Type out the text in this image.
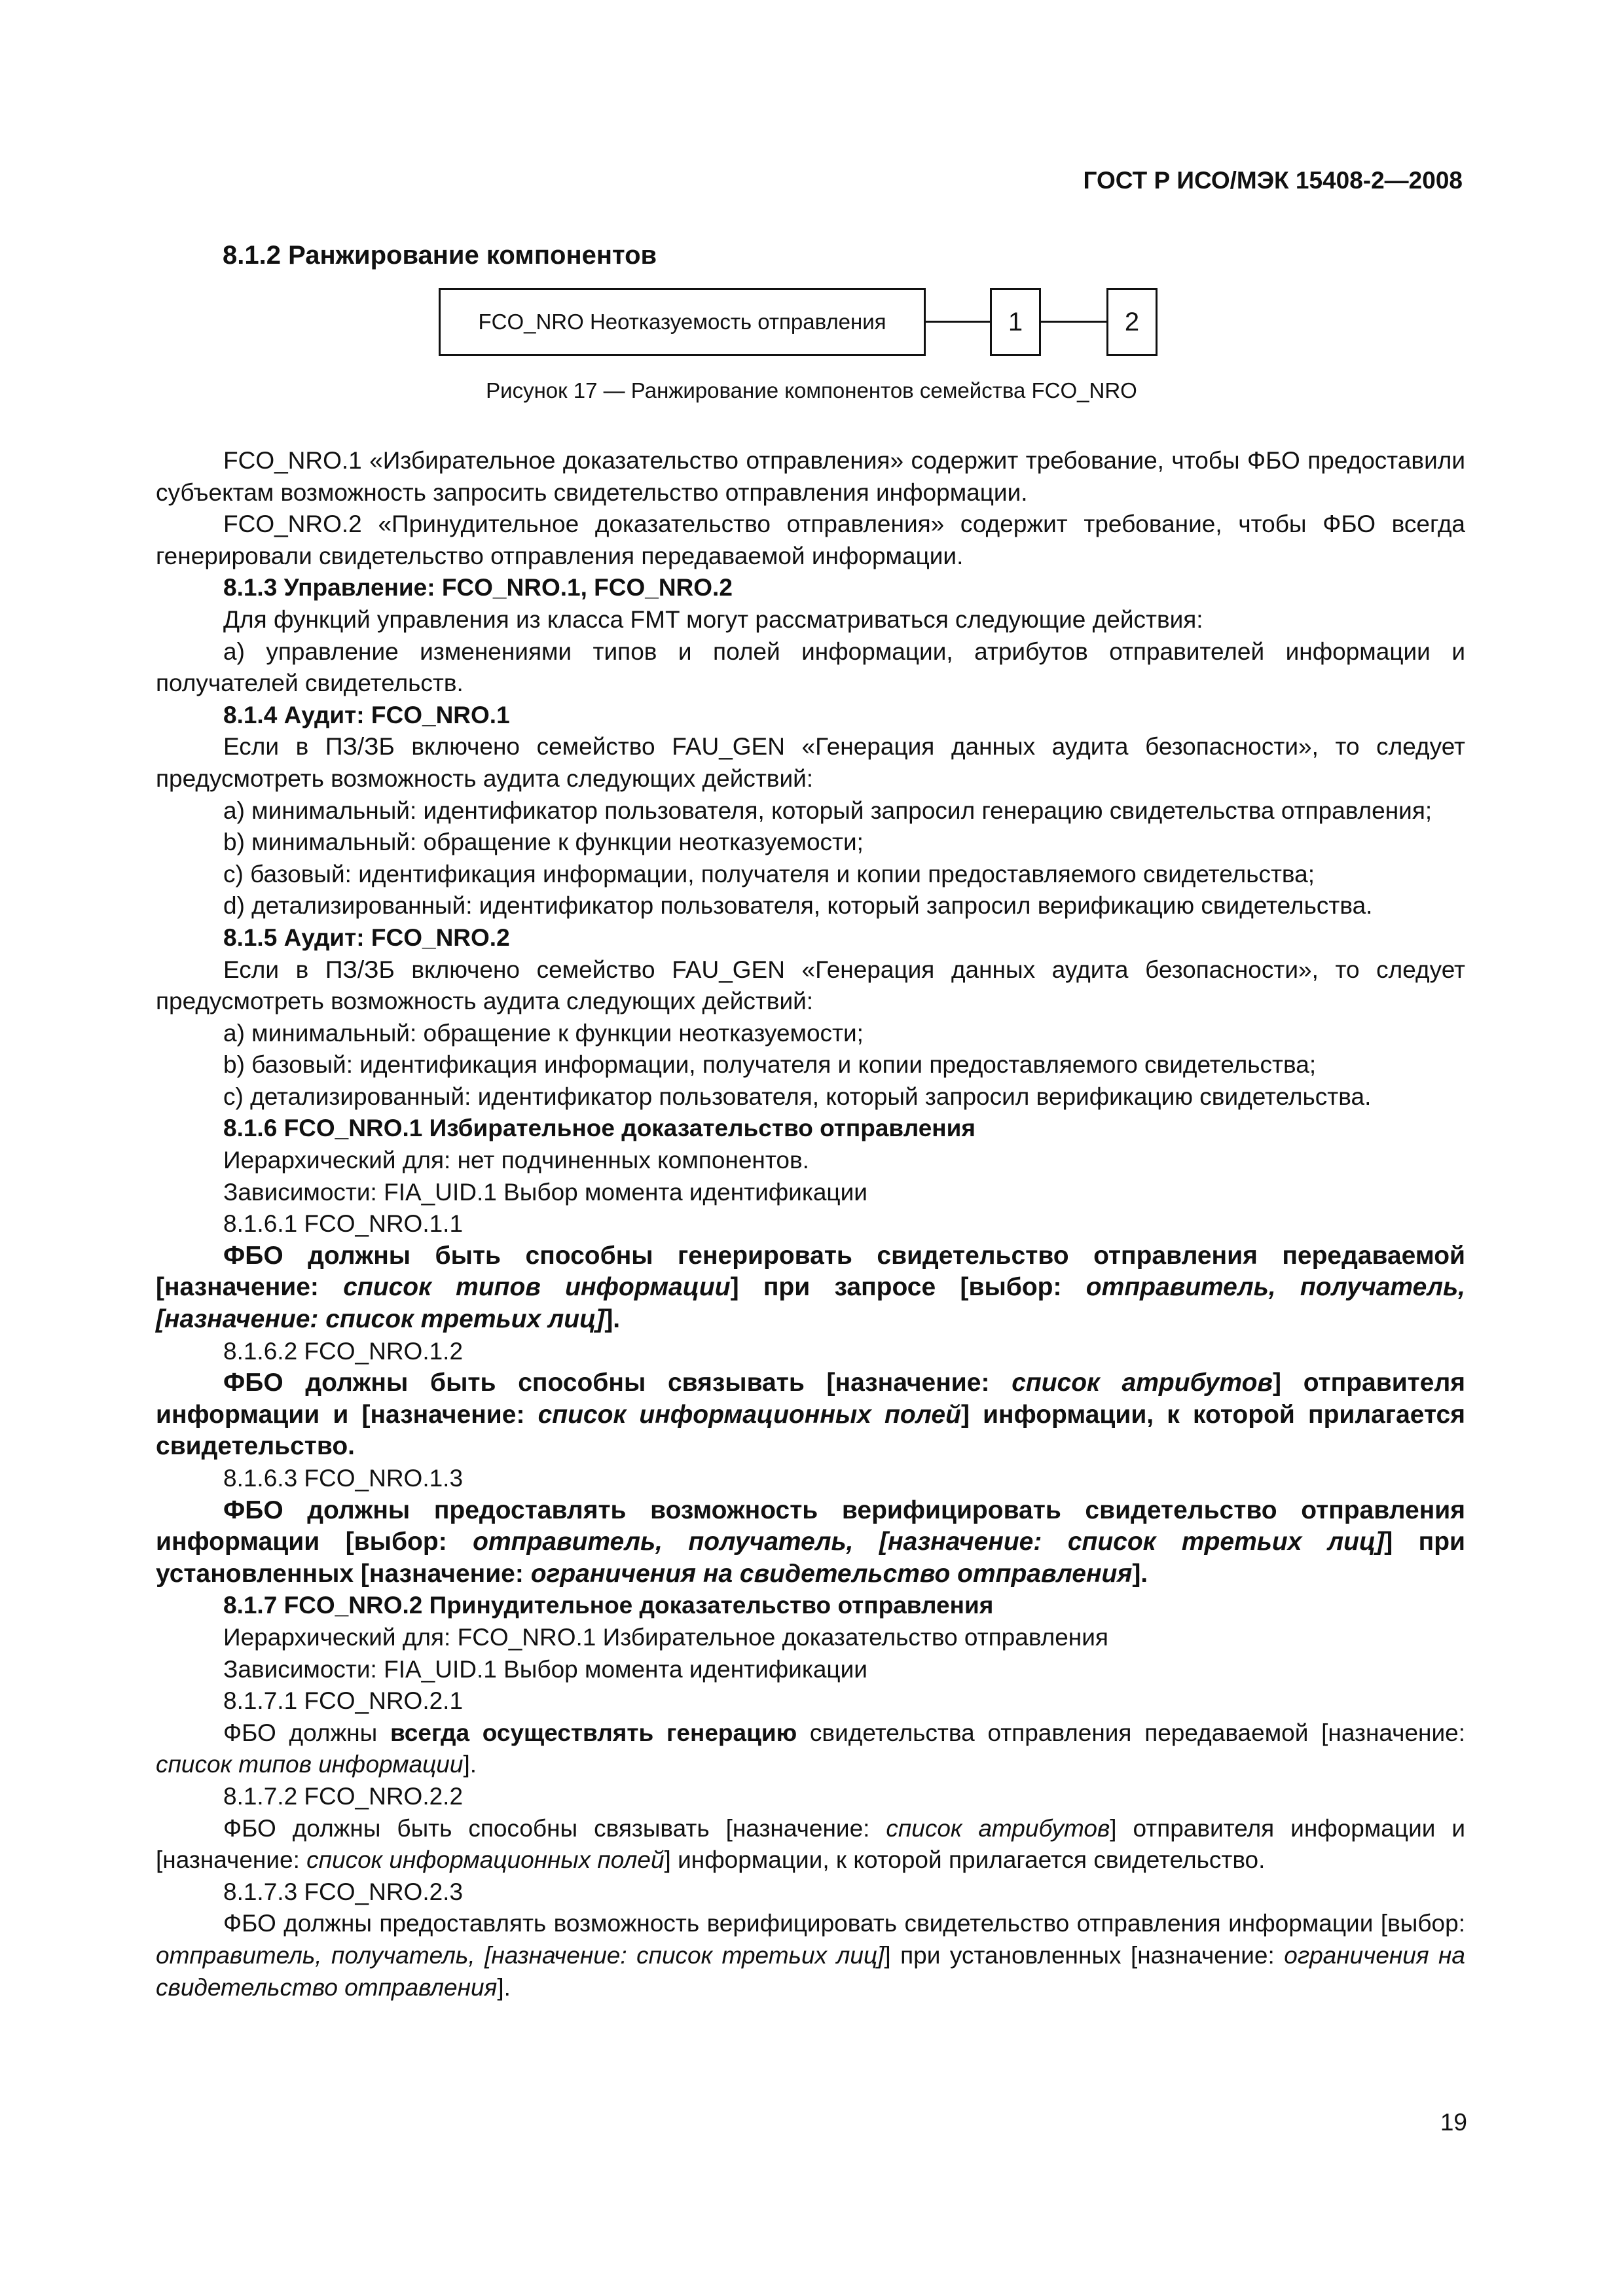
ГОСТ Р ИСО/МЭК 15408-2—2008
8.1.2 Ранжирование компонентов
FCO_NRO Неотказуемость отправления	1	2
Рисунок 17 — Ранжирование компонентов семейства FCO_NRO

FCO_NRO.1 «Избирательное доказательство отправления» содержит требование, чтобы ФБО предоставили субъектам возможность запросить свидетельство отправления информации.

FCO_NRO.2 «Принудительное доказательство отправления» содержит требование, чтобы ФБО всегда генерировали свидетельство отправления передаваемой информации.

8.1.3 Управление: FCO_NRO.1, FCO_NRO.2

Для функций управления из класса FMT могут рассматриваться следующие действия:

а) управление изменениями типов и полей информации, атрибутов отправителей информации и получателей свидетельств.

8.1.4 Аудит: FCO_NRO.1

Если в ПЗ/ЗБ включено семейство FAU_GEN «Генерация данных аудита безопасности», то следует предусмотреть возможность аудита следующих действий:

а) минимальный: идентификатор пользователя, который запросил генерацию свидетельства отправления;

b) минимальный: обращение к функции неотказуемости;

c) базовый: идентификация информации, получателя и копии предоставляемого свидетельства;

d) детализированный: идентификатор пользователя, который запросил верификацию свидетельства.

8.1.5 Аудит: FCO_NRO.2

Если в ПЗ/ЗБ включено семейство FAU_GEN «Генерация данных аудита безопасности», то следует предусмотреть возможность аудита следующих действий:

а) минимальный: обращение к функции неотказуемости;

b) базовый: идентификация информации, получателя и копии предоставляемого свидетельства;

c) детализированный: идентификатор пользователя, который запросил верификацию свидетельства.

8.1.6 FCO_NRO.1 Избирательное доказательство отправления

Иерархический для: нет подчиненных компонентов.

Зависимости: FIA_UID.1 Выбор момента идентификации

8.1.6.1 FCO_NRO.1.1

ФБО должны быть способны генерировать свидетельство отправления передаваемой [назначение: список типов информации] при запросе [выбор: отправитель, получатель, [назначение: список третьих лиц]].

8.1.6.2 FCO_NRO.1.2

ФБО должны быть способны связывать [назначение: список атрибутов] отправителя информации и [назначение: список информационных полей] информации, к которой прилагается свидетельство.

8.1.6.3 FCO_NRO.1.3

ФБО должны предоставлять возможность верифицировать свидетельство отправления информации [выбор: отправитель, получатель, [назначение: список третьих лиц]] при установленных [назначение: ограничения на свидетельство отправления].

8.1.7 FCO_NRO.2 Принудительное доказательство отправления

Иерархический для: FCO_NRO.1 Избирательное доказательство отправления

Зависимости: FIA_UID.1 Выбор момента идентификации

8.1.7.1 FCO_NRO.2.1

ФБО должны всегда осуществлять генерацию свидетельства отправления передаваемой [назначение: список типов информации].

8.1.7.2 FCO_NRO.2.2

ФБО должны быть способны связывать [назначение: список атрибутов] отправителя информации и [назначение: список информационных полей] информации, к которой прилагается свидетельство.

8.1.7.3 FCO_NRO.2.3

ФБО должны предоставлять возможность верифицировать свидетельство отправления информации [выбор: отправитель, получатель, [назначение: список третьих лиц]] при установленных [назначение: ограничения на свидетельство отправления].

19
